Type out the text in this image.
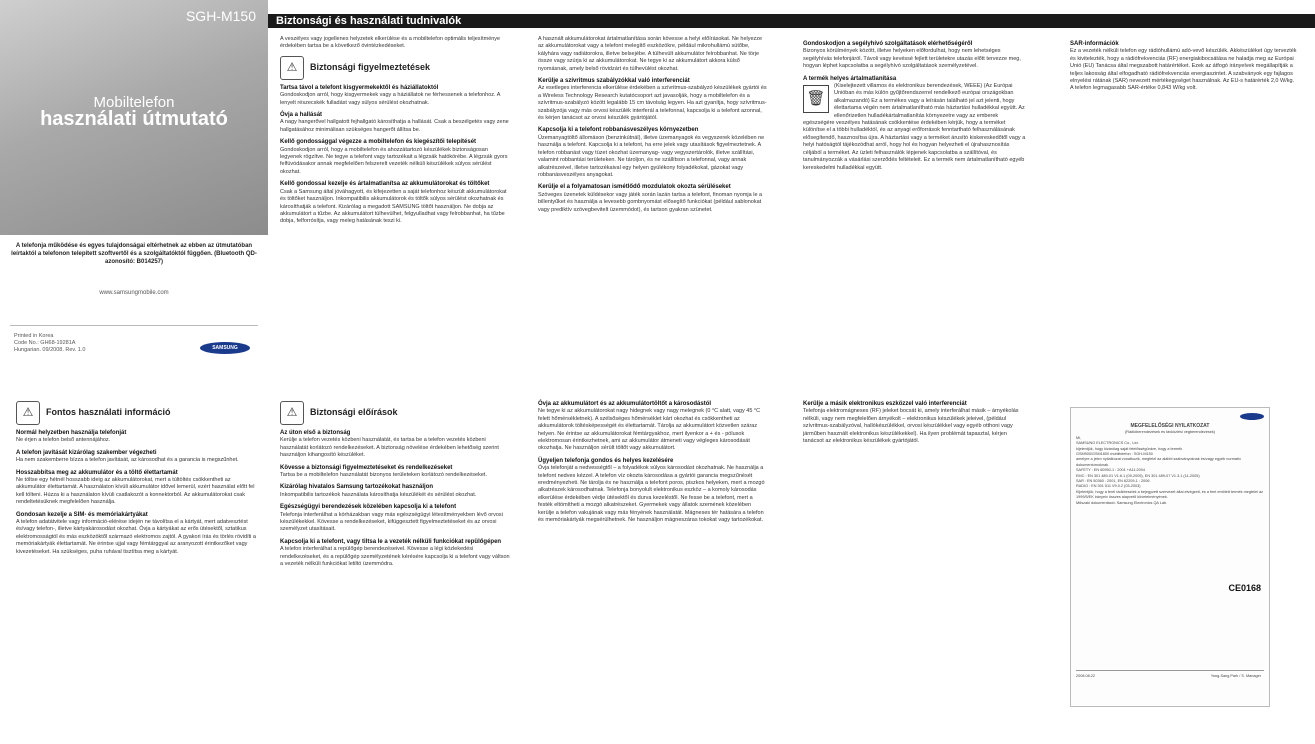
SGH-M150
Mobiltelefon
használati útmutató
A telefonja működése és egyes tulajdonságai eltérhetnek az ebben az útmutatóban leírtaktól a telefonon telepített szoftvertől és a szolgáltatóktól függően. (Bluetooth QD-azonosító: B014257)
www.samsungmobile.com
Printed in Korea
Code No.: GH68-19281A
Hungarian. 09/2008. Rev. 1.0	SAMSUNG
Biztonsági és használati tudnivalók

A veszélyes vagy jogellenes helyzetek elkerülése és a mobiltelefon optimális teljesítménye érdekében tartsa be a következő óvintézkedéseket.

⚠	Biztonsági figyelmeztetések
Tartsa távol a telefont kisgyermekektől és háziállatoktól

Gondoskodjon arról, hogy kisgyermekek vagy a háziállatok ne férhessenek a telefonhoz. A lenyelt részecskék fulladást vagy súlyos sérülést okozhatnak.

Óvja a hallását

A nagy hangerővel hallgatott fejhallgató károsíthatja a hallását. Csak a beszélgetés vagy zene hallgatásához minimálisan szükséges hangerőt állítsa be.

Kellő gondossággal végezze a mobiltelefon és kiegészítői telepítését

Gondoskodjon arról, hogy a mobiltelefon és ahozzátartozó készülékek biztonságosan legyenek rögzítve. Ne tegye a telefont vagy tartozékait a légzsák hatókörébe. A légzsák gyors felfúvódásakor annak megfelelően felszerelt vezeték nélküli készülékek súlyos sérülést okozhat.

Kellő gondossal kezelje és ártalmatlanítsa az akkumulátorokat és töltőket

Csak a Samsung által jóváhagyott, és kifejezetten a saját telefonhoz készült akkumulátorokat és töltőket használjon. Inkompatibilis akkumulátorok és töltők súlyos sérülést okozhatnak és károsíthatják a telefont. Kizárólag a megadott SAMSUNG töltőt használjon. Ne dobja az akkumulátort a tűzbe. Az akkumulátort túlhevülhet, felgyulladhat vagy felrobbanhat, ha tűzbe dobja, felforrósítja, vagy meleg hatásának teszi ki.

A használt akkumulátorokat ártalmatlanítása során kövesse a helyi előírásokat. Ne helyezze az akkumulátorokat vagy a telefont melegítő eszközökre, például mikrohullámú sütőbe, kályhára vagy radiátorokra, illetve belsejébe. A túlhevült akkumulátor felrobbanhat. Ne törje össze vagy szúrja ki az akkumulátorokat. Ne tegye ki az akkumulátort akkora külső nyomásnak, amely belső rövidzárt és túlhevülést okozhat.

Kerülje a szívritmus szabályzókkal való interferenciát

Az esetleges interferencia elkerülése érdekében a szívritmus-szabályzó készülékek gyártói és a Wireless Technology Research kutatócsoport azt javasolják, hogy a mobiltelefon és a szívritmus-szabályzó között legalább 15 cm távolság legyen. Ha azt gyanítja, hogy szívritmus-szabályzója vagy más orvosi készülék interferál a telefonnal, kapcsolja ki a telefont azonnal, és kérjen tanácsot az orvosi készülék gyártójától.

Kapcsolja ki a telefont robbanásveszélyes környezetben

Üzemanyagtöltő állomáson (benzinkútnál), illetve üzemanyagok és vegyszerek közelében ne használja a telefont. Kapcsolja ki a telefont, ha erre jelek vagy utasítások figyelmeztetnek. A telefon robbanást vagy tüzet okozhat üzemanyag- vagy vegyszertárolók, illetve szállítási, valamint robbantási területeken. Ne tároljon, és ne szállítson a telefonnal, vagy annak alkatrészeivel, illetve tartozékaival egy helyen gyúlékony folyadékokat, gázokat vagy robbanásveszélyes anyagokat.

Kerülje el a folyamatosan ismétlődő mozdulatok okozta sérüléseket

Szöveges üzenetek küldésekor vagy játék során lazán tartsa a telefont, finoman nyomja le a billentyűket és használja a levesebb gombnyomást elősegítő funkciókat (például sablonokat vagy prediktív szövegbevitelt üzemmódot), és tartson gyakran szünetet.

Gondoskodjon a segélyhívó szolgáltatások elérhetőségéről

Bizonyos körülmények között, illetve helyeken előfordulhat, hogy nem lehetséges segélyhívás telefonjáról. Távoli vagy kevéssé fejlett területekre utazás előtt tervezze meg, hogyan léphet kapcsolatba a segélyhívó szolgáltatások személyzetével.

A termék helyes ártalmatlanítása
🗑

(Kiselejtezett villamos és elektronikus berendezések, WEEE) (Az Európai Unióban és más külön gyűjtőrendszerrel rendelkező európai országokban alkalmazandó) Ez a termékes vagy a leírásán található jel azt jelenti, hogy élettartama végén nem ártalmatlanítható más háztartási hulladékkal együtt. Az ellenőrizetlen hulladékártalmatlanítás környezetre vagy az emberek egészségére veszélyes hatásának csökkentése érdekében kérjük, hogy a terméket különítse el a többi hulladéktól, és az anyagi erőforrások fenntartható felhasználásának elősegítendő, hasznosítsa újra. A háztartási vagy a terméket árusító kiskereskedőtől vagy a helyi hatóságtól tájékozódhat arról, hogy hol és hogyan helyezheti el újrahasznosítás céljából a terméket. Az üzleti felhasználók lépjenek kapcsolatba a szállítóval, és tanulmányozzák a vásárlási szerződés feltételeit. Ez a termék nem ártalmatlanítható egyéb kereskedelmi hulladékkal együtt.

SAR-információk

Ez a vezeték nélküli telefon egy rádióhullámú adó-vevő készülék. Akkészüléket úgy tervezték és kivitelezték, hogy a rádiófrekvenciás (RF) energiakibocsátása ne haladja meg az Európai Unió (EU) Tanácsa által megszabott határértéket. Ezek az átfogó irányelvek megállapítják a teljes lakosság által elfogadható rádiófrekvenciás energiaszintet. A szabványok egy fajlagos elnyelési rátának (SAR) nevezett mértékegységet használnak. Az EU-s határérték 2,0 W/kg. A telefon legmagasabb SAR-értéke 0,843 W/kg volt.

⚠	Fontos használati információ
Normál helyzetben használja telefonját

Ne érjen a telefon belső antennájához.

A telefon javítását kizárólag szakember végezheti

Ha nem szakemberre bízza a telefon javítását, az károsodhat és a garancia is megszűnhet.

Hosszabbítsa meg az akkumulátor és a töltő élettartamát

Ne töltse egy hétnél hosszabb ideig az akkumulátorokat, mert a túltöltés csökkentheti az akkumulátor élettartamát. A használaton kívüli akkumulátor idővel lemerül, ezért használat előtt fel kell tölteni. Húzza ki a használaton kívüli csatlakozót a konnektorból. Az akkumulátorokat csak rendeltetésüknek megfelelően használja.

Gondosan kezelje a SIM- és memóriakártyákat

A telefon adatátvitele vagy információ-elérése idején ne távolítsa el a kártyát, mert adatvesztést és/vagy telefon-, illetve kártyakárosodást okozhat. Óvja a kártyákat az erős ütésektől, sztatikus elektromosságtól és más eszközöktől származó elektromos zajtól. A gyakori írás és törlés rövidíti a memóriakártyák élettartamát. Ne érintse ujjal vagy fémtárggyal az aranyozott érintkezőket vagy kivezetéseket. Ha szükséges, puha ruhával tisztítsa meg a kártyát.

⚠	Biztonsági előírások
Az úton első a biztonság

Kerülje a telefon vezetés közbeni használatát, és tartsa be a telefon vezetés közbeni használatát korlátozó rendelkezéseket. A biztonság növelése érdekében lehetőség szerint használjon kihangosító készüléket.

Kövesse a biztonsági figyelmeztetéseket és rendelkezéseket

Tartsa be a mobiltelefon használatát bizonyos területeken korlátozó rendelkezéseket.

Kizárólag hivatalos Samsung tartozékokat használjon

Inkompatibilis tartozékok használata károsíthatja készülékét és sérülést okozhat.

Egészségügyi berendezések közelében kapcsolja ki a telefont

Telefonja interferálhat a kórházakban vagy más egészségügyi létesítményekben lévő orvosi készülékekkel. Kövesse a rendelkezéseket, kifüggesztett figyelmeztetéseket és az orvosi személyzet utasításait.

Kapcsolja ki a telefont, vagy tiltsa le a vezeték nélküli funkciókat repülőgépen

A telefon interferálhat a repülőgép berendezéseivel. Kövesse a légi közlekedési rendelkezéseket, és a repülőgép személyzetének kérésére kapcsolja ki a telefont vagy váltson a vezeték nélküli funkciókat letiltó üzemmódra.

Óvja az akkumulátort és az akkumulátortöltőt a károsodástól

Ne tegye ki az akkumulátorokat nagy hidegnek vagy nagy melegnek (0 °C alatt, vagy 45 °C felett hőmérsékletnek). A szélsőséges hőmérséklet kárt okozhat és csökkentheti az akkumulátorok töltésképességét és élettartamát. Tárolja az akkumulátort közvetlen száraz helyen. Ne érintse az akkumulátorokat fémtárgyakhoz, mert ilyenkor a + és - pólusok elektromosan érintkezhetnek, ami az akkumulátor átmeneti vagy végleges károsodását okozhatja. Ne használjon sérült töltőt vagy akkumulátort.

Ügyeljen telefonja gondos és helyes kezelésére

Óvja telefonját a nedvességtől – a folyadékok súlyos károsodást okozhatnak. Ne használja a telefont nedves kézzel. A telefon víz okozta károsodása a gyártói garancia megszűnését eredményezheti. Ne tárolja és ne használja a telefont poros, piszkos helyeken, mert a mozgó alkatrészek károsodhatnak. Telefonja bonyolult elektronikus eszköz – a komoly károsodás elkerülése érdekében védje ütésektől és durva kezeléstől. Ne fesse be a telefont, mert a festék eltömítheti a mozgó alkatrészeket. Gyermekek vagy állatok szemének közelében kerülje a telefon vakujának vagy más fényének használatát. Mágneses tér hatására a telefon és memóriakártyák megsérülhetnek. Ne használjon mágneszáras tokokat vagy tartozékokat.

Kerülje a másik elektronikus eszközzel való interferenciát

Telefonja elektromágneses (RF) jeleket bocsát ki, amely interferálhat másik – árnyékolás nélküli, vagy nem megfelelően árnyékolt – elektronikus készülékek jeleivel, (például szívritmus-szabályzóval, hallókészülékkel, orvosi készülékkel vagy egyéb otthoni vagy járműben használt elektronikus készülékekkel). Ha ilyen problémát tapasztal, kérjen tanácsot az elektronikus készülékek gyártójától.

MEGFELELŐSÉGI NYILATKOZAT
(Rádióberendezések és távközlési végberendezések)
Mi,
SAMSUNG ELECTRONICS Co., Ltd.
kijelentjük, hogy kizárólag saját felelősségünkre, hogy a termék
GSM900/GSM1800 mobiltelefon : SGH-M150
amelyre a jelen nyilatkozat vonatkozik, megfelel az alábbi szabványoknak és/vagy egyéb normatív dokumentumoknak.
SAFETY : EN 60950-1 : 2001 +A11:2004
EMC : EN 301 489-01 V1.6.1 (09-2005), EN 301 489-07 V1.3.1 (11-2005)
SAR : EN 50360 : 2001, EN 62209-1 : 2006
RADIO : EN 301 511 V9.0.2 (03-2003)
Kijelentjük, hogy a fenti rádiótesztek a bejegyzett szervezet által elvégzett, és a fent említett termék megfelel az 1999/5/EK irányelv összes alapvető követelményének.
Műszaki dokumentáció: Samsung Electronics QA Lab.
CE0168
2008.08.22	Yong-Sang Park / S. Manager
